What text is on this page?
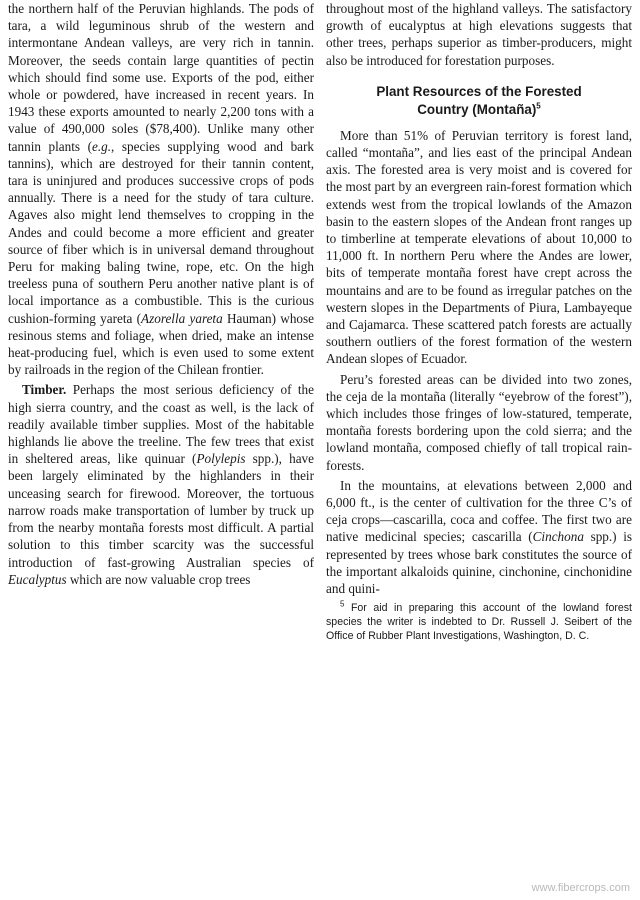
the northern half of the Peruvian highlands. The pods of tara, a wild leguminous shrub of the western and intermontane Andean valleys, are very rich in tannin. Moreover, the seeds contain large quantities of pectin which should find some use. Exports of the pod, either whole or powdered, have increased in recent years. In 1943 these exports amounted to nearly 2,200 tons with a value of 490,000 soles ($78,400). Unlike many other tannin plants (e.g., species supplying wood and bark tannins), which are destroyed for their tannin content, tara is uninjured and produces successive crops of pods annually. There is a need for the study of tara culture. Agaves also might lend themselves to cropping in the Andes and could become a more efficient and greater source of fiber which is in universal demand throughout Peru for making baling twine, rope, etc. On the high treeless puna of southern Peru another native plant is of local importance as a combustible. This is the curious cushion-forming yareta (Azorella yareta Hauman) whose resinous stems and foliage, when dried, make an intense heat-producing fuel, which is even used to some extent by railroads in the region of the Chilean frontier.

Timber. Perhaps the most serious deficiency of the high sierra country, and the coast as well, is the lack of readily available timber supplies. Most of the habitable highlands lie above the treeline. The few trees that exist in sheltered areas, like quinuar (Polylepis spp.), have been largely eliminated by the highlanders in their unceasing search for firewood. Moreover, the tortuous narrow roads make transportation of lumber by truck up from the nearby montaña forests most difficult. A partial solution to this timber scarcity was the successful introduction of fast-growing Australian species of Eucalyptus which are now valuable crop trees

throughout most of the highland valleys. The satisfactory growth of eucalyptus at high elevations suggests that other trees, perhaps superior as timber-producers, might also be introduced for forestation purposes.

Plant Resources of the Forested
Country (Montaña)$^5$

More than 51% of Peruvian territory is forest land, called “montaña”, and lies east of the principal Andean axis. The forested area is very moist and is covered for the most part by an evergreen rain-forest formation which extends west from the tropical lowlands of the Amazon basin to the eastern slopes of the Andean front ranges up to timberline at temperate elevations of about 10,000 to 11,000 ft. In northern Peru where the Andes are lower, bits of temperate montaña forest have crept across the mountains and are to be found as irregular patches on the western slopes in the Departments of Piura, Lambayeque and Cajamarca. These scattered patch forests are actually southern outliers of the forest formation of the western Andean slopes of Ecuador.

Peru’s forested areas can be divided into two zones, the ceja de la montaña (literally “eyebrow of the forest”), which includes those fringes of low-statured, temperate, montaña forests bordering upon the cold sierra; and the lowland montaña, composed chiefly of tall tropical rain-forests.

In the mountains, at elevations between 2,000 and 6,000 ft., is the center of cultivation for the three C’s of ceja crops—cascarilla, coca and coffee. The first two are native medicinal species; cascarilla (Cinchona spp.) is represented by trees whose bark constitutes the source of the important alkaloids quinine, cinchonine, cinchonidine and quini-

$^5$ For aid in preparing this account of the lowland forest species the writer is indebted to Dr. Russell J. Seibert of the Office of Rubber Plant Investigations, Washington, D. C.

www.fibercrops.com
